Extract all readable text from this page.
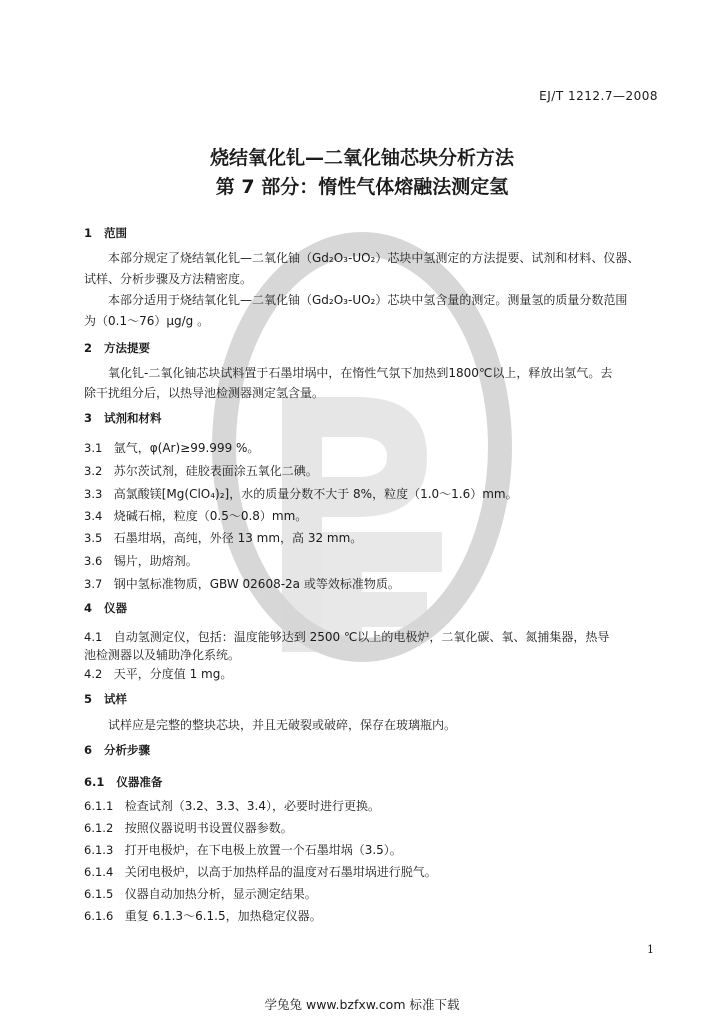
EJ/T 1212.7—2008
烧结氧化钆—二氧化铀芯块分析方法
第 7 部分：惰性气体熔融法测定氢
1 范围
本部分规定了烧结氧化钆—二氧化铀（Gd₂O₃-UO₂）芯块中氢测定的方法提要、试剂和材料、仪器、
试样、分析步骤及方法精密度。
本部分适用于烧结氧化钆—二氧化铀（Gd₂O₃-UO₂）芯块中氢含量的测定。测量氢的质量分数范围
为（0.1～76）μg/g 。
2 方法提要
氧化钆-二氧化铀芯块试料置于石墨坩埚中，在惰性气氛下加热到1800℃以上，释放出氢气。去
除干扰组分后，以热导池检测器测定氢含量。
3 试剂和材料
3.1 氩气，φ(Ar)≥99.999 %。
3.2 苏尔茨试剂，硅胶表面涂五氧化二碘。
3.3 高氯酸镁[Mg(ClO₄)₂]，水的质量分数不大于 8%，粒度（1.0～1.6）mm。
3.4 烧碱石棉，粒度（0.5～0.8）mm。
3.5 石墨坩埚，高纯，外径 13 mm，高 32 mm。
3.6 锡片，助熔剂。
3.7 钢中氢标准物质，GBW 02608-2a 或等效标准物质。
4 仪器
4.1 自动氢测定仪，包括：温度能够达到 2500 ℃以上的电极炉，二氧化碳、氧、氮捕集器，热导
池检测器以及辅助净化系统。
4.2 天平，分度值 1 mg。
5 试样
试样应是完整的整块芯块，并且无破裂或破碎，保存在玻璃瓶内。
6 分析步骤
6.1 仪器准备
6.1.1 检查试剂（3.2、3.3、3.4），必要时进行更换。
6.1.2 按照仪器说明书设置仪器参数。
6.1.3 打开电极炉，在下电极上放置一个石墨坩埚（3.5）。
6.1.4 关闭电极炉，以高于加热样品的温度对石墨坩埚进行脱气。
6.1.5 仪器自动加热分析，显示测定结果。
6.1.6 重复 6.1.3～6.1.5，加热稳定仪器。
1
学兔兔 www.bzfxw.com 标准下载
